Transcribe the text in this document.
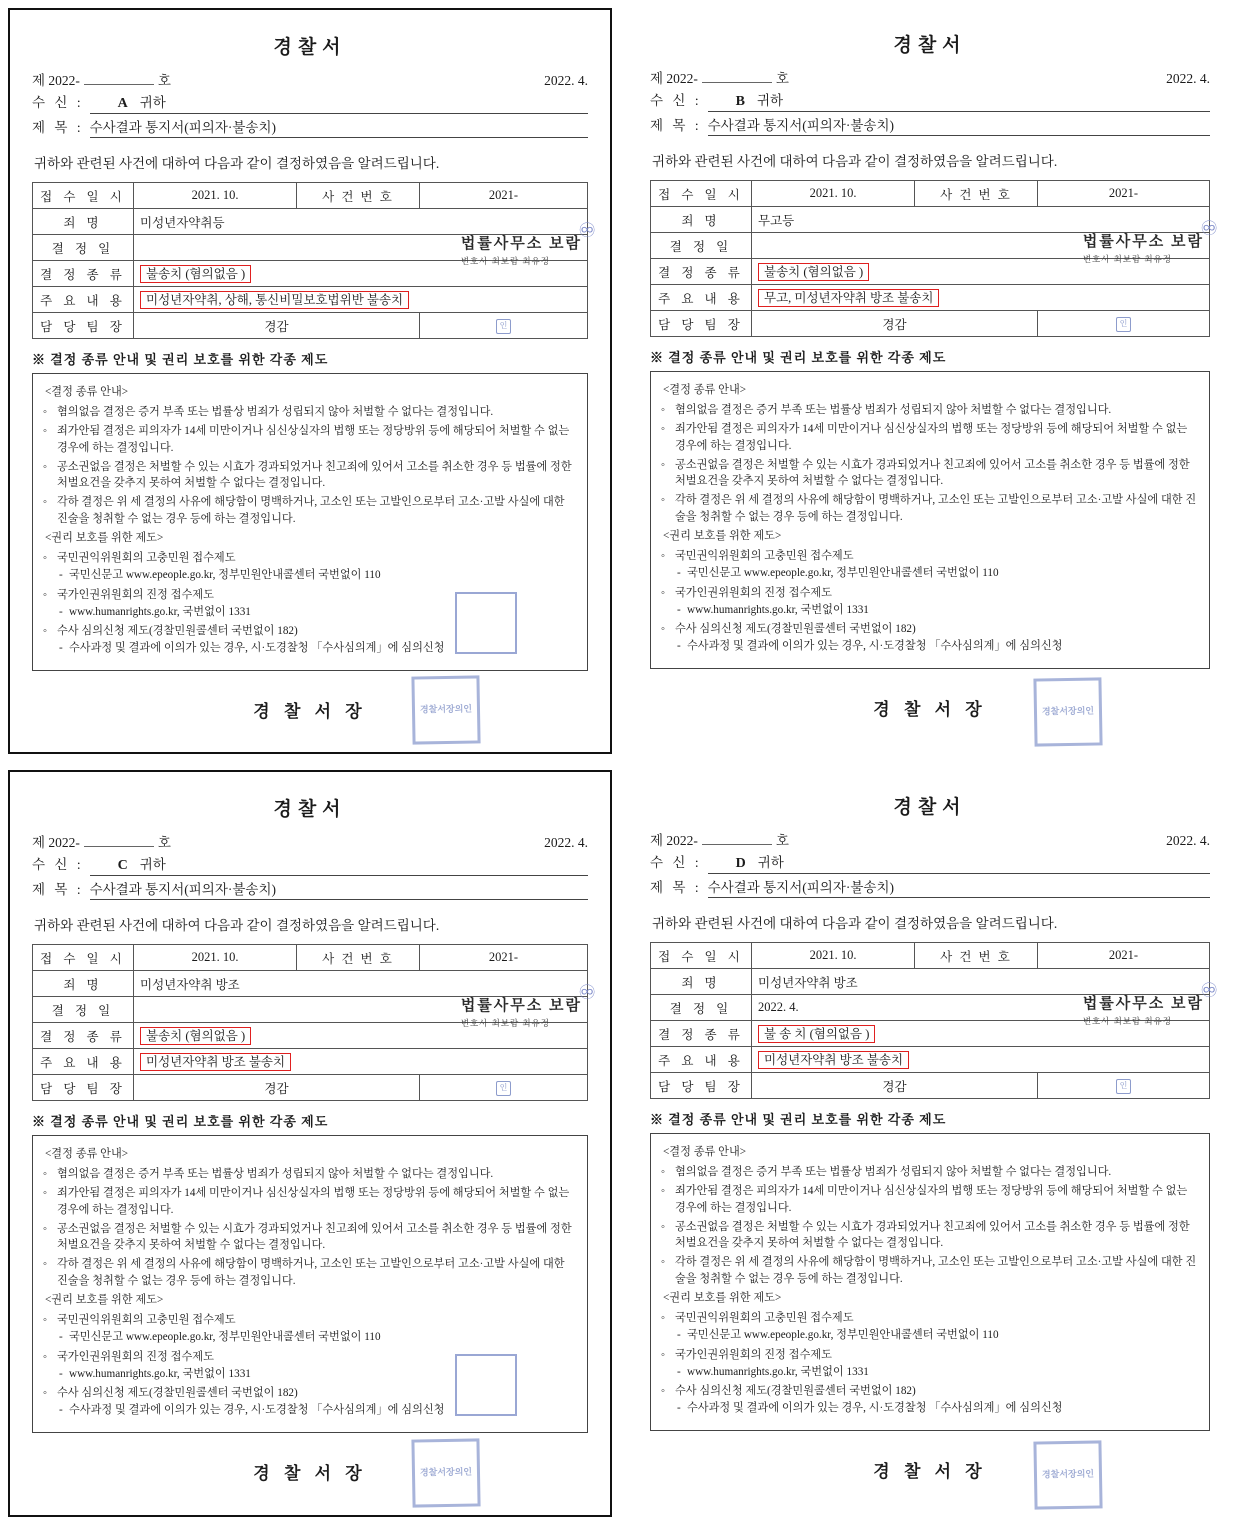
경찰서
제 2022-	호	2022. 4.
수 신 : A 귀하
제 목 : 수사결과 통지서(피의자·불송치)
귀하와 관련된 사건에 대하여 다음과 같이 결정하였음을 알려드립니다.
접 수 일 시	2021. 10.	사 건 번 호	2021-
죄 명	미성년자약취등		
결 정 일			
결 정 종 류	불송치 (혐의없음 )		
주 요 내 용	미성년자약취, 상해, 통신비밀보호법위반 불송치		
담 당 팀 장	경감		인
※ 결정 종류 안내 및 권리 보호를 위한 각종 제도
<결정 종류 안내>
◦ 혐의없음 결정은 증거 부족 또는 법률상 범죄가 성립되지 않아 처벌할 수 없다는 결정입니다.
◦ 죄가안됨 결정은 피의자가 14세 미만이거나 심신상실자의 법행 또는 정당방위 등에 해당되어 처벌할 수 없는 경우에 하는 결정입니다.
◦ 공소권없음 결정은 처벌할 수 있는 시효가 경과되었거나 친고죄에 있어서 고소를 취소한 경우 등 법률에 정한 처벌요건을 갖추지 못하여 처벌할 수 없다는 결정입니다.
◦ 각하 결정은 위 세 결정의 사유에 해당함이 명백하거나, 고소인 또는 고발인으로부터 고소·고발 사실에 대한 진술을 청취할 수 없는 경우 등에 하는 결정입니다.
<권리 보호를 위한 제도>
◦ 국민권익위원회의 고충민원 접수제도
- 국민신문고 www.epeople.go.kr, 정부민원안내콜센터 국번없이 110
◦ 국가인권위원회의 진정 접수제도
- www.humanrights.go.kr, 국번없이 1331
◦ 수사 심의신청 제도(경찰민원콜센터 국번없이 182)
- 수사과정 및 결과에 이의가 있는 경우, 시·도경찰청 「수사심의계」에 심의신청
경 찰 서 장	경찰서장의인
♾
법률사무소 보람
변호사 최보람 최유정
경찰서
제 2022-	호	2022. 4.
수 신 : B 귀하
제 목 : 수사결과 통지서(피의자·불송치)
귀하와 관련된 사건에 대하여 다음과 같이 결정하였음을 알려드립니다.
접 수 일 시	2021. 10.	사 건 번 호	2021-
죄 명	무고등		
결 정 일			
결 정 종 류	불송치 (혐의없음 )		
주 요 내 용	무고, 미성년자약취 방조 불송치		
담 당 팀 장	경감		인
※ 결정 종류 안내 및 권리 보호를 위한 각종 제도
<결정 종류 안내>
◦ 혐의없음 결정은 증거 부족 또는 법률상 범죄가 성립되지 않아 처벌할 수 없다는 결정입니다.
◦ 죄가안됨 결정은 피의자가 14세 미만이거나 심신상실자의 법행 또는 정당방위 등에 해당되어 처벌할 수 없는 경우에 하는 결정입니다.
◦ 공소권없음 결정은 처벌할 수 있는 시효가 경과되었거나 친고죄에 있어서 고소를 취소한 경우 등 법률에 정한 처벌요건을 갖추지 못하여 처벌할 수 없다는 결정입니다.
◦ 각하 결정은 위 세 결정의 사유에 해당함이 명백하거나, 고소인 또는 고발인으로부터 고소·고발 사실에 대한 진술을 청취할 수 없는 경우 등에 하는 결정입니다.
<권리 보호를 위한 제도>
◦ 국민권익위원회의 고충민원 접수제도
- 국민신문고 www.epeople.go.kr, 정부민원안내콜센터 국번없이 110
◦ 국가인권위원회의 진정 접수제도
- www.humanrights.go.kr, 국번없이 1331
◦ 수사 심의신청 제도(경찰민원콜센터 국번없이 182)
- 수사과정 및 결과에 이의가 있는 경우, 시·도경찰청 「수사심의계」에 심의신청
경 찰 서 장	경찰서장의인
♾
법률사무소 보람
변호사 최보람 최유정
경찰서
제 2022-	호	2022. 4.
수 신 : C 귀하
제 목 : 수사결과 통지서(피의자·불송치)
귀하와 관련된 사건에 대하여 다음과 같이 결정하였음을 알려드립니다.
접 수 일 시	2021. 10.	사 건 번 호	2021-
죄 명	미성년자약취 방조		
결 정 일			
결 정 종 류	불송치 (혐의없음 )		
주 요 내 용	미성년자약취 방조 불송치		
담 당 팀 장	경감		인
※ 결정 종류 안내 및 권리 보호를 위한 각종 제도
<결정 종류 안내>
◦ 혐의없음 결정은 증거 부족 또는 법률상 범죄가 성립되지 않아 처벌할 수 없다는 결정입니다.
◦ 죄가안됨 결정은 피의자가 14세 미만이거나 심신상실자의 법행 또는 정당방위 등에 해당되어 처벌할 수 없는 경우에 하는 결정입니다.
◦ 공소권없음 결정은 처벌할 수 있는 시효가 경과되었거나 친고죄에 있어서 고소를 취소한 경우 등 법률에 정한 처벌요건을 갖추지 못하여 처벌할 수 없다는 결정입니다.
◦ 각하 결정은 위 세 결정의 사유에 해당함이 명백하거나, 고소인 또는 고발인으로부터 고소·고발 사실에 대한 진술을 청취할 수 없는 경우 등에 하는 결정입니다.
<권리 보호를 위한 제도>
◦ 국민권익위원회의 고충민원 접수제도
- 국민신문고 www.epeople.go.kr, 정부민원안내콜센터 국번없이 110
◦ 국가인권위원회의 진정 접수제도
- www.humanrights.go.kr, 국번없이 1331
◦ 수사 심의신청 제도(경찰민원콜센터 국번없이 182)
- 수사과정 및 결과에 이의가 있는 경우, 시·도경찰청 「수사심의계」에 심의신청
경 찰 서 장	경찰서장의인
♾
법률사무소 보람
변호사 최보람 최유정
경찰서
제 2022-	호	2022. 4.
수 신 : D 귀하
제 목 : 수사결과 통지서(피의자·불송치)
귀하와 관련된 사건에 대하여 다음과 같이 결정하였음을 알려드립니다.
접 수 일 시	2021. 10.	사 건 번 호	2021-
죄 명	미성년자약취 방조		
결 정 일	2022. 4.		
결 정 종 류	불 송 치 (혐의없음 )		
주 요 내 용	미성년자약취 방조 불송치		
담 당 팀 장	경감		인
※ 결정 종류 안내 및 권리 보호를 위한 각종 제도
<결정 종류 안내>
◦ 혐의없음 결정은 증거 부족 또는 법률상 범죄가 성립되지 않아 처벌할 수 없다는 결정입니다.
◦ 죄가안됨 결정은 피의자가 14세 미만이거나 심신상실자의 법행 또는 정당방위 등에 해당되어 처벌할 수 없는 경우에 하는 결정입니다.
◦ 공소권없음 결정은 처벌할 수 있는 시효가 경과되었거나 친고죄에 있어서 고소를 취소한 경우 등 법률에 정한 처벌요건을 갖추지 못하여 처벌할 수 없다는 결정입니다.
◦ 각하 결정은 위 세 결정의 사유에 해당함이 명백하거나, 고소인 또는 고발인으로부터 고소·고발 사실에 대한 진술을 청취할 수 없는 경우 등에 하는 결정입니다.
<권리 보호를 위한 제도>
◦ 국민권익위원회의 고충민원 접수제도
- 국민신문고 www.epeople.go.kr, 정부민원안내콜센터 국번없이 110
◦ 국가인권위원회의 진정 접수제도
- www.humanrights.go.kr, 국번없이 1331
◦ 수사 심의신청 제도(경찰민원콜센터 국번없이 182)
- 수사과정 및 결과에 이의가 있는 경우, 시·도경찰청 「수사심의계」에 심의신청
경 찰 서 장	경찰서장의인
♾
법률사무소 보람
변호사 최보람 최유정
